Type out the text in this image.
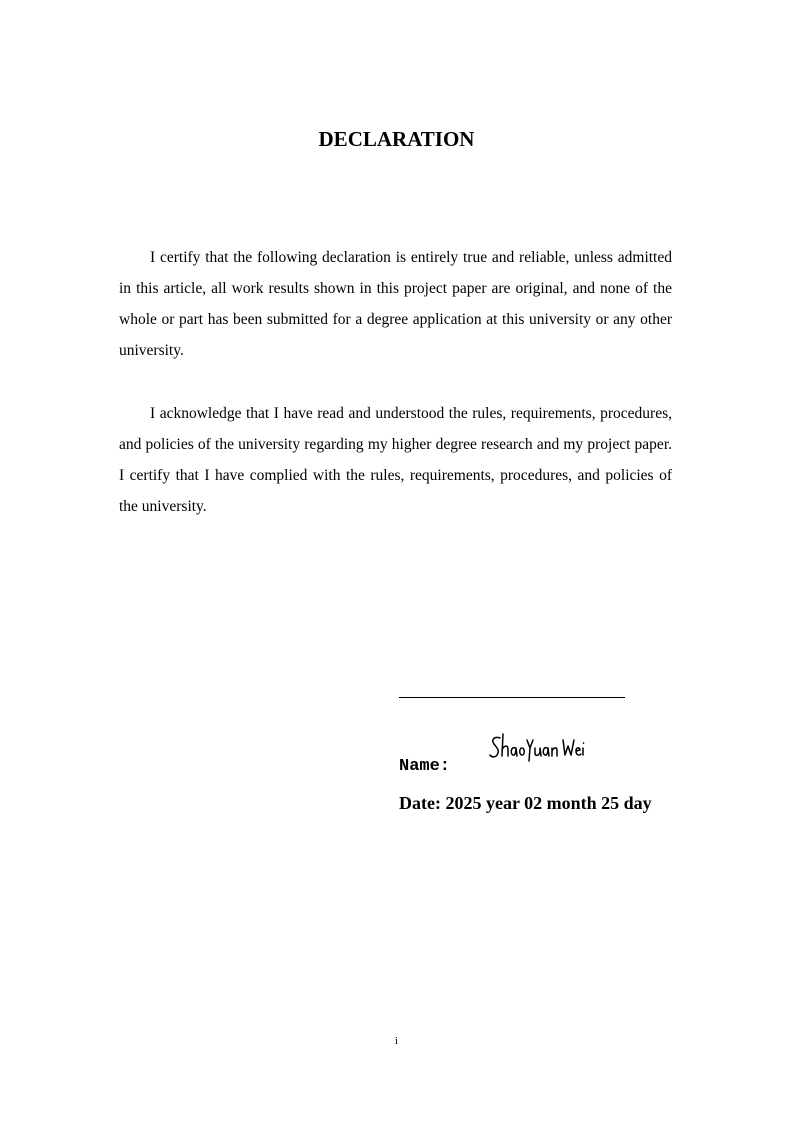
DECLARATION

I certify that the following declaration is entirely true and reliable, unless admitted in this article, all work results shown in this project paper are original, and none of the whole or part has been submitted for a degree application at this university or any other university.

I acknowledge that I have read and understood the rules, requirements, procedures, and policies of the university regarding my higher degree research and my project paper. I certify that I have complied with the rules, requirements, procedures, and policies of the university.

Name:

Date: 2025 year 02 month 25 day

i
